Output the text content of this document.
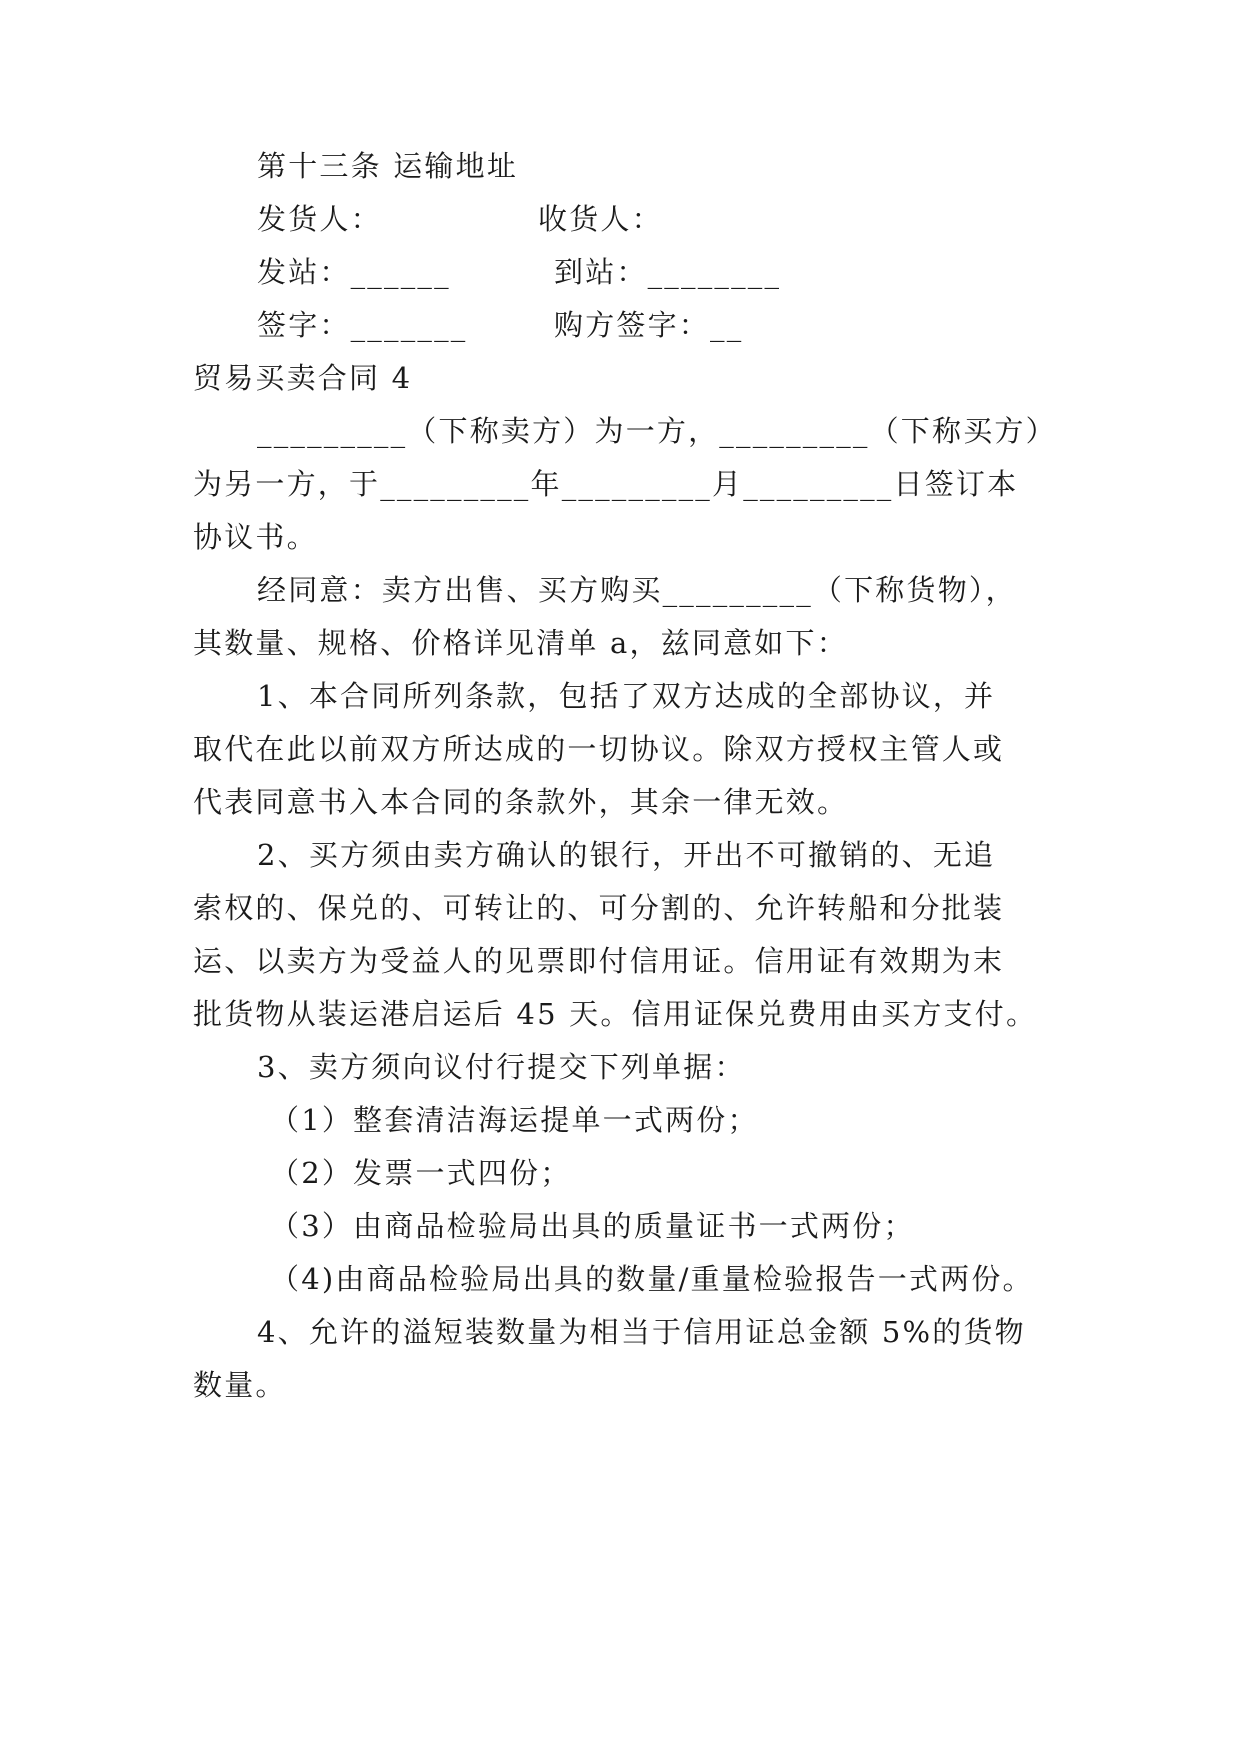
第十三条 运输地址
发货人：	收货人：
发站：______	到站：________
签字：_______	购方签字：__
贸易买卖合同 4
_________（下称卖方）为一方，_________（下称买方）
为另一方，于_________年_________月_________日签订本
协议书。
经同意：卖方出售、买方购买_________（下称货物），
其数量、规格、价格详见清单 a，兹同意如下：
1、本合同所列条款，包括了双方达成的全部协议，并
取代在此以前双方所达成的一切协议。除双方授权主管人或
代表同意书入本合同的条款外，其余一律无效。
2、买方须由卖方确认的银行，开出不可撤销的、无追
索权的、保兑的、可转让的、可分割的、允许转船和分批装
运、以卖方为受益人的见票即付信用证。信用证有效期为末
批货物从装运港启运后 45 天。信用证保兑费用由买方支付。
3、卖方须向议付行提交下列单据：
（1）整套清洁海运提单一式两份；
（2）发票一式四份；
（3）由商品检验局出具的质量证书一式两份；
（4)由商品检验局出具的数量/重量检验报告一式两份。
4、允许的溢短装数量为相当于信用证总金额 5%的货物
数量。
